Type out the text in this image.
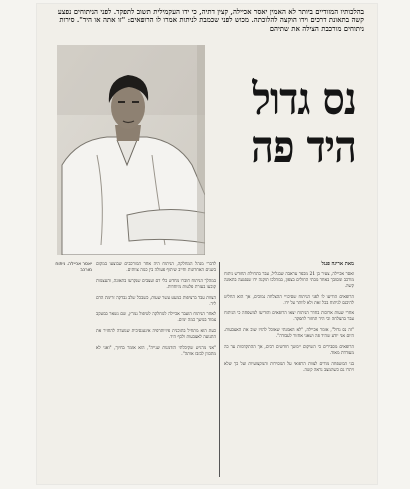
בהלכותיו המזודיים ביותר לא האמין יאסר אכיילה, קצין דתיה, כי ידו העקמילית תשוב לתפקד. לפני הניתוחים נפצע קשה בתאונת דרכים וידו הוקצה להלוכתה. מכוש לפני שכמבת לניתות אמרו לו הרופאים: "זו אתה או היד". סירות ניתוחים מורכבת הצילה את שתיהם
נס גדול
היד פה
יאסר אכיילה. ניתוח מורכב
מאת אריגה פנגל
ואסר אכיילה, צעיר בן 21 מכפר עראבה שבגליל, עבר בתחילת החודש ניתוח מורכב ומסובך באחד מבתי החולים בצפון, במהלכו תוקנה ידו שנפגעה בתאונה קשה.
הרופאים הודיעו לו לפני הניתוח שסיכויי ההצלחה נמוכים, אך הוא החליט להיכנס לניתוח בכל זאת ולא לוותר על ידו.
אחרי שעות ארוכות בחדר הניתוח יצאו הרופאים והודיעו למשפחה כי הניתוח עבר בהצלחה וכי היד תחזור לתפקד.
"זה נס גדול", אומר אכיילה, "לא האמנתי שאוכל להזיז שוב את האצבעות. היום אני יודע שהיד פה ושאני אחזור לעבודה".
הרופאים מסבירים כי השיקום יימשך חודשים רבים, אך ההתקדמות עד כה מעודדת מאוד.
בני המשפחה מודים לצוות הרפואי על המסירות והמקצועיות ועל כך שלא ויתרו גם כשהמצב נראה קשה.
לדברי מנהל המחלקה, הניתוח היה אחד המורכבים שבוצעו במקום בשנים האחרונות וחייב שיתוף פעולה בין כמה צוותים.
במהלך הניתוח חוברו מחדש כלי דם ועצבים שנקרעו בתאונה, והעצמות קובעו בעזרת פלטות מיוחדות.
הצוות עבד ברציפות כמעט עשר שעות, כשבכל שלב נבדקה זרימת הדם ליד.
לאחר הניתוח הועבר אכיילה למחלקה לטיפול נמרץ, שם נשאר במעקב צמוד במשך כמה ימים.
כעת הוא מתחיל בתוכנית פיזיותרפיה אינטנסיבית שנועדה להחזיר את התנועה לאצבעות ולכף היד.
"אני מרגיש שקיבלתי הזדמנות שנייה", הוא אומר בחיוך, "ואני לא מתכוון לבזבז אותה".
